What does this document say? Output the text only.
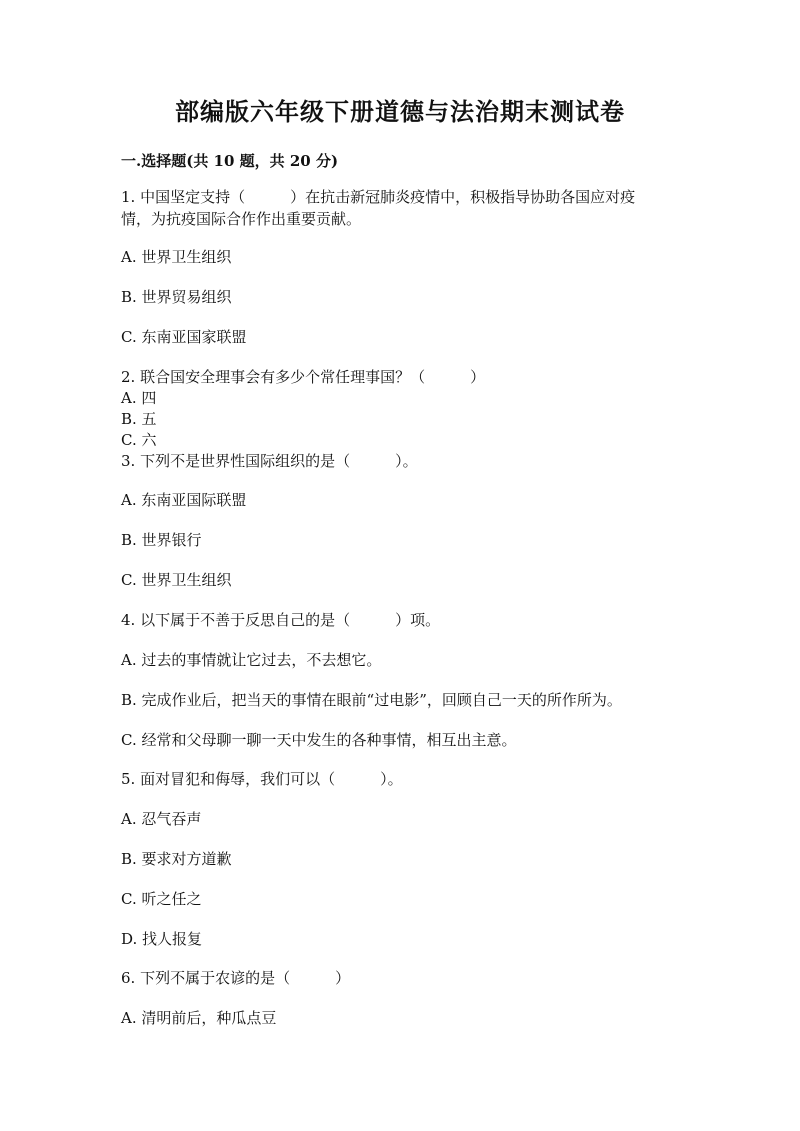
部编版六年级下册道德与法治期末测试卷
一.选择题(共 10 题，共 20 分)
1. 中国坚定支持（　　　）在抗击新冠肺炎疫情中，积极指导协助各国应对疫
情，为抗疫国际合作作出重要贡献。
A. 世界卫生组织
B. 世界贸易组织
C. 东南亚国家联盟
2. 联合国安全理事会有多少个常任理事国？（　　　）
A. 四
B. 五
C. 六
3. 下列不是世界性国际组织的是（　　　）。
A. 东南亚国际联盟
B. 世界银行
C. 世界卫生组织
4. 以下属于不善于反思自己的是（　　　）项。
A. 过去的事情就让它过去，不去想它。
B. 完成作业后，把当天的事情在眼前“过电影”，回顾自己一天的所作所为。
C. 经常和父母聊一聊一天中发生的各种事情，相互出主意。
5. 面对冒犯和侮辱，我们可以（　　　）。
A. 忍气吞声
B. 要求对方道歉
C. 听之任之
D. 找人报复
6. 下列不属于农谚的是（　　　）
A. 清明前后，种瓜点豆
